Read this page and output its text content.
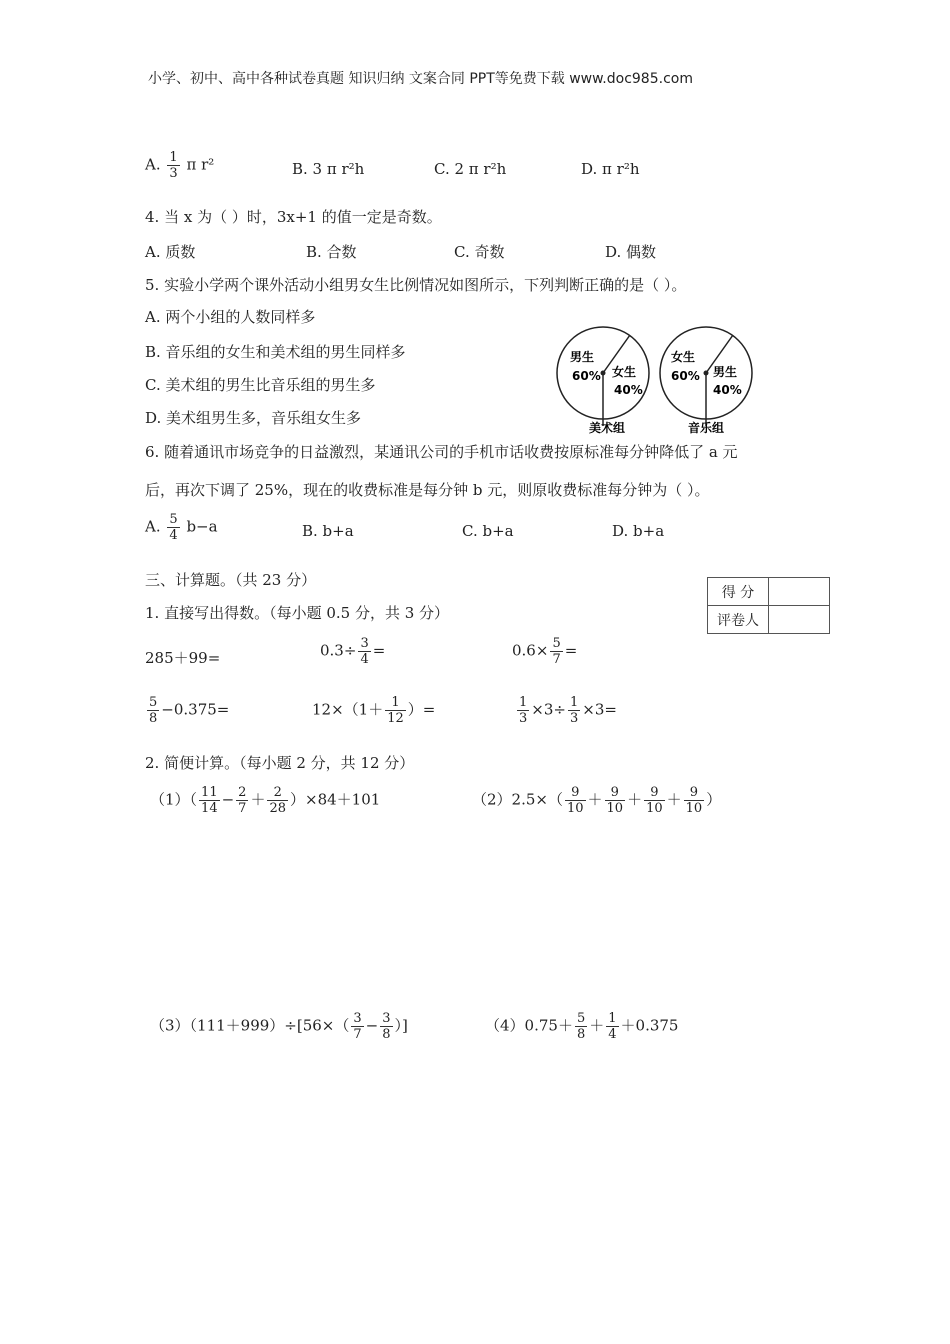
小学、初中、高中各种试卷真题 知识归纳 文案合同 PPT等免费下载 www.doc985.com
A. $\frac{1}{3}$ π r²	B. 3 π r²h	C. 2 π r²h	D. π r²h
4. 当 x 为（ ）时，3x+1 的值一定是奇数。
A. 质数	B. 合数	C. 奇数	D. 偶数
5. 实验小学两个课外活动小组男女生比例情况如图所示，下列判断正确的是（ ）。
A. 两个小组的人数同样多
B. 音乐组的女生和美术组的男生同样多
C. 美术组的男生比音乐组的男生多
D. 美术组男生多，音乐组女生多
男生
60% 女生
40%
美术组
女生
60% 男生
40%
音乐组
6. 随着通讯市场竞争的日益激烈，某通讯公司的手机市话收费按原标准每分钟降低了 a 元
后，再次下调了 25%，现在的收费标准是每分钟 b 元，则原收费标准每分钟为（ ）。
A. $\frac{5}{4} b-a$	B. b+a	C. b+a	D. b+a
三、计算题。（共 23 分）
得 分	
评卷人	
1. 直接写出得数。（每小题 0.5 分，共 3 分）
285＋99=	$0.3\div \frac{3}{4}$ =	$0.6\times \frac{5}{7}$ =
$\frac{5}{8} -0.375=$	$12\times(1+ \frac{1}{12}$ ）=	$\frac{1}{3} \times 3\div \frac{1}{3} \times 3=$
2. 简便计算。（每小题 2 分，共 12 分）
$(1)( \frac{11}{14} - \frac{2}{7} + \frac{2}{28} )\times 84+101$	$(2)2.5\times( \frac{9}{10} + \frac{9}{10} + \frac{9}{10} + \frac{9}{10}$ ）
$(3)(111+999)\div[56\times( \frac{3}{7} - \frac{3}{8}$ ）]	$(4)0.75+ \frac{5}{8} + \frac{1}{4} +0.375$
